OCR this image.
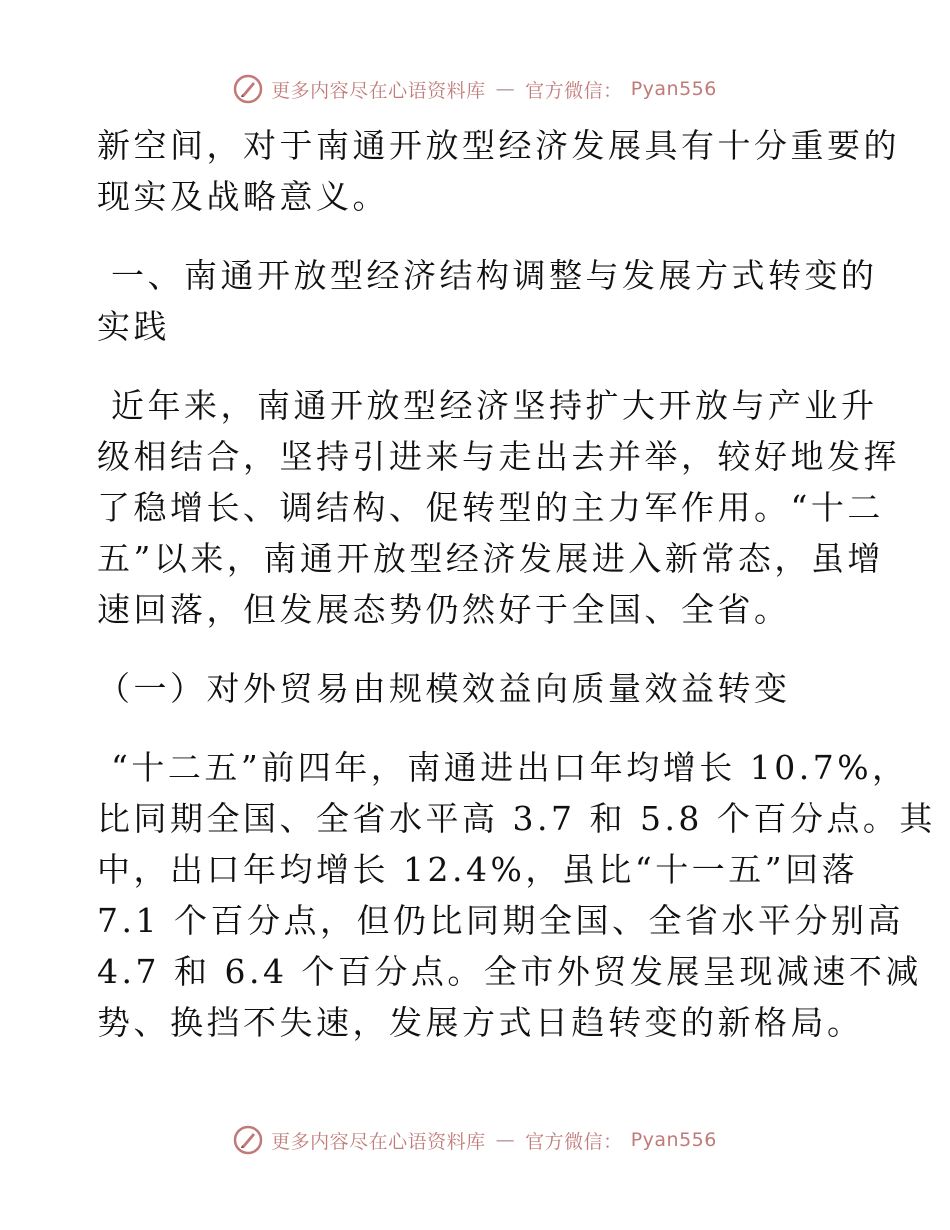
更多内容尽在心语资料库 — 官方微信： Pyan556

新空间，对于南通开放型经济发展具有十分重要的
现实及战略意义。

一、南通开放型经济结构调整与发展方式转变的
实践

近年来，南通开放型经济坚持扩大开放与产业升
级相结合，坚持引进来与走出去并举，较好地发挥
了稳增长、调结构、促转型的主力军作用。“十二
五”以来，南通开放型经济发展进入新常态，虽增
速回落，但发展态势仍然好于全国、全省。

（一）对外贸易由规模效益向质量效益转变

“十二五”前四年，南通进出口年均增长 10.7%，
比同期全国、全省水平高 3.7 和 5.8 个百分点。其
中，出口年均增长 12.4%，虽比“十一五”回落
7.1 个百分点，但仍比同期全国、全省水平分别高
4.7 和 6.4 个百分点。全市外贸发展呈现减速不减
势、换挡不失速，发展方式日趋转变的新格局。

更多内容尽在心语资料库 — 官方微信： Pyan556
